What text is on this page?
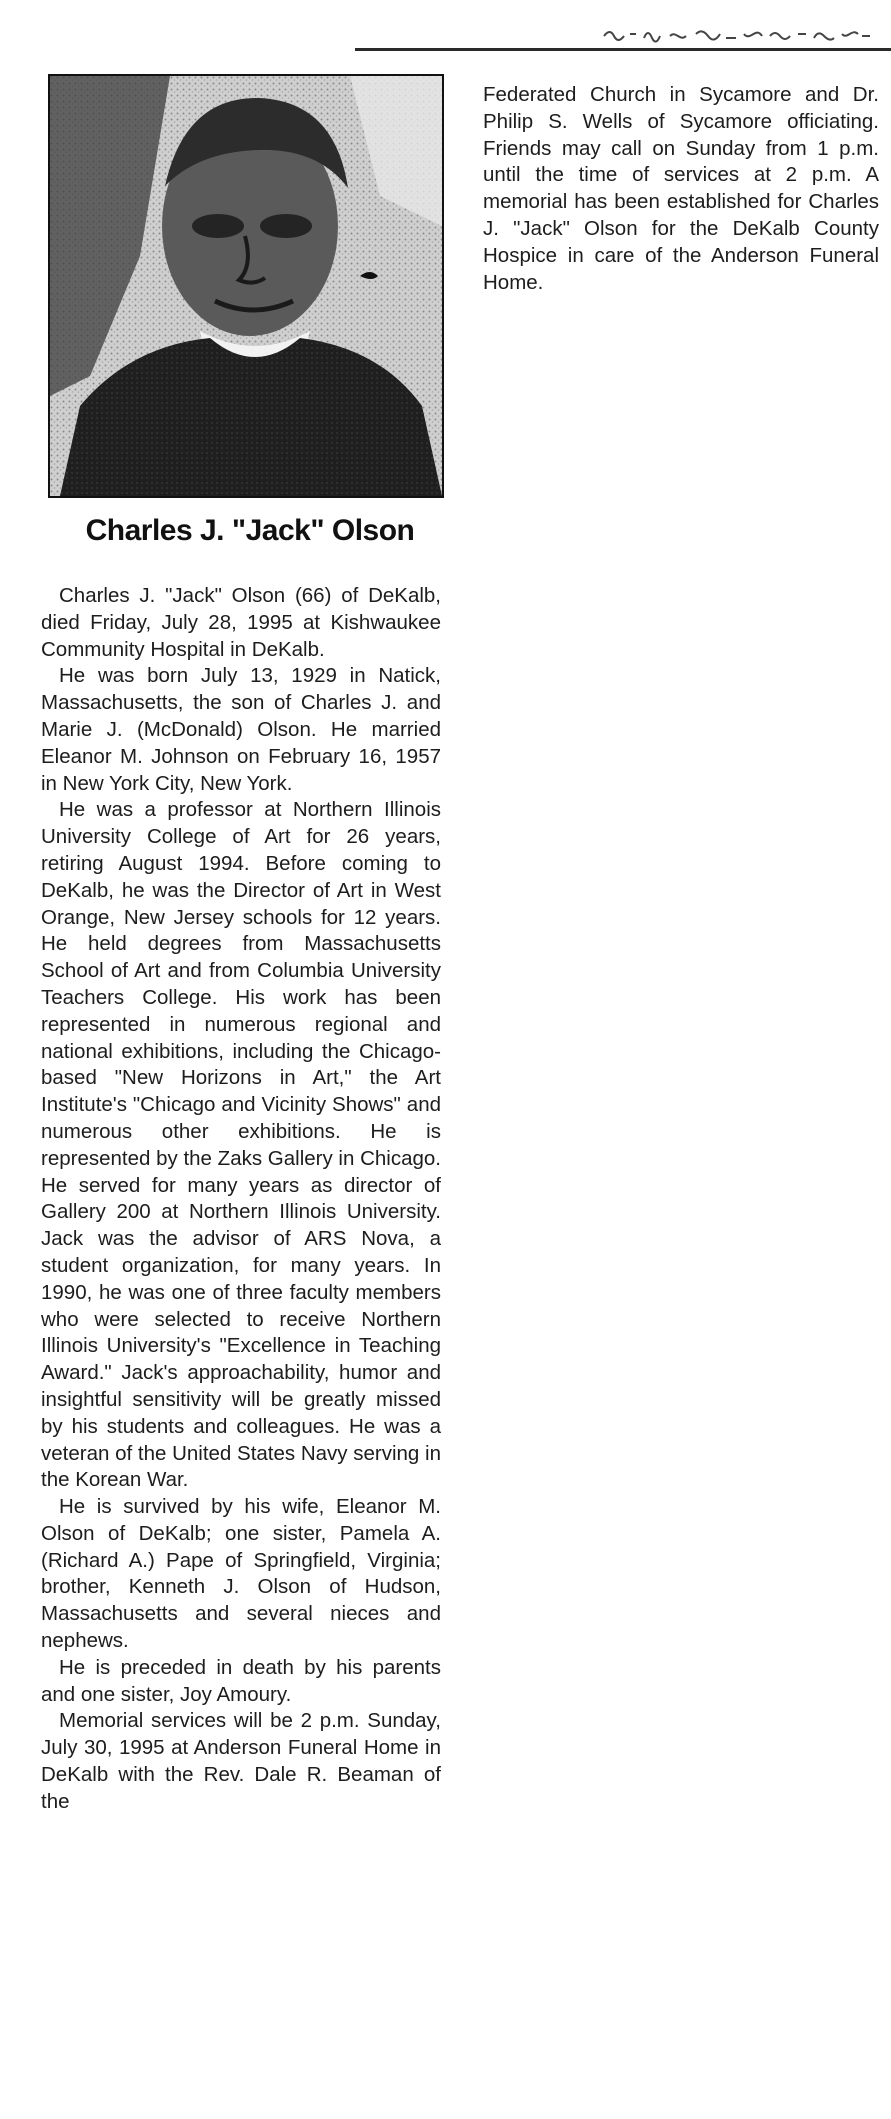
Charles J. "Jack" Olson

Charles J. "Jack" Olson (66) of DeKalb, died Friday, July 28, 1995 at Kishwaukee Community Hospital in DeKalb.

He was born July 13, 1929 in Natick, Massachusetts, the son of Charles J. and Marie J. (McDonald) Olson. He married Eleanor M. Johnson on February 16, 1957 in New York City, New York.

He was a professor at Northern Illinois University College of Art for 26 years, retiring August 1994. Before coming to DeKalb, he was the Director of Art in West Orange, New Jersey schools for 12 years. He held degrees from Massachusetts School of Art and from Columbia University Teachers College. His work has been represented in numerous regional and national exhibitions, including the Chicago-based "New Horizons in Art," the Art Institute's "Chicago and Vicinity Shows" and numerous other exhibitions. He is represented by the Zaks Gallery in Chicago. He served for many years as director of Gallery 200 at Northern Illinois University. Jack was the advisor of ARS Nova, a student organization, for many years. In 1990, he was one of three faculty members who were selected to receive Northern Illinois University's "Excellence in Teaching Award." Jack's approachability, humor and insightful sensitivity will be greatly missed by his students and colleagues. He was a veteran of the United States Navy serving in the Korean War.

He is survived by his wife, Eleanor M. Olson of DeKalb; one sister, Pamela A. (Richard A.) Pape of Springfield, Virginia; brother, Kenneth J. Olson of Hudson, Massachusetts and several nieces and nephews.

He is preceded in death by his parents and one sister, Joy Amoury.

Memorial services will be 2 p.m. Sunday, July 30, 1995 at Anderson Funeral Home in DeKalb with the Rev. Dale R. Beaman of the

Federated Church in Sycamore and Dr. Philip S. Wells of Sycamore officiating. Friends may call on Sunday from 1 p.m. until the time of services at 2 p.m. A memorial has been established for Charles J. "Jack" Olson for the DeKalb County Hospice in care of the Anderson Funeral Home.
